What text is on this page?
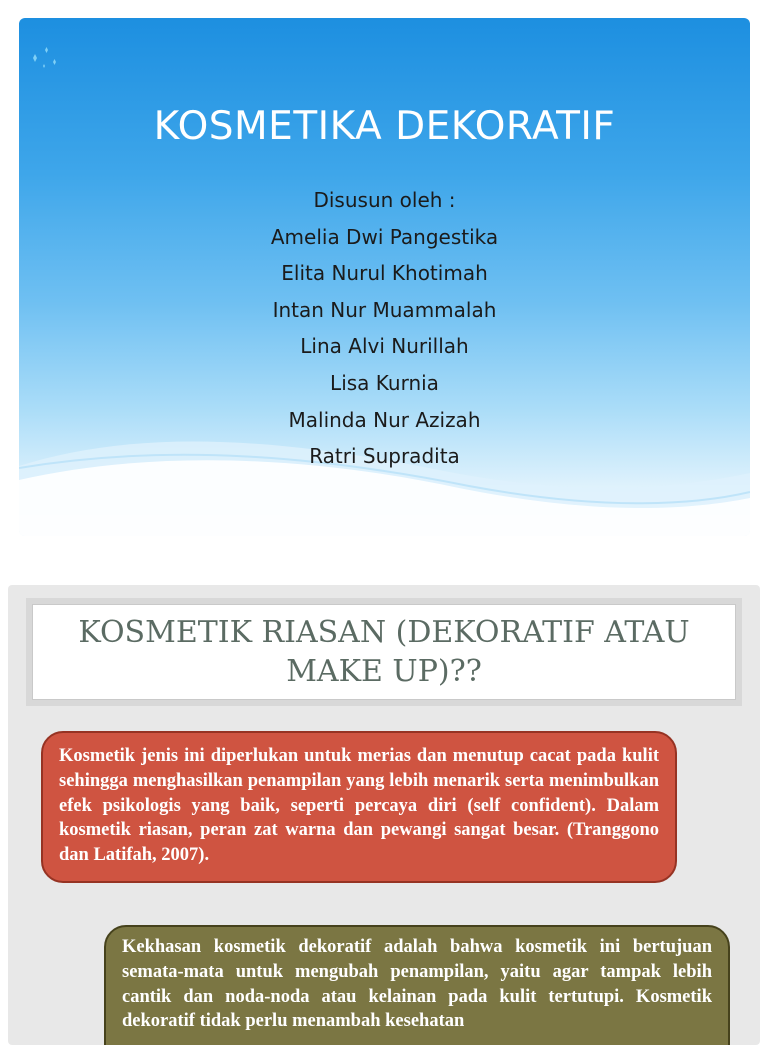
KOSMETIKA DEKORATIF
Disusun oleh :
Amelia Dwi Pangestika
Elita Nurul Khotimah
Intan Nur Muammalah
Lina Alvi Nurillah
Lisa Kurnia
Malinda Nur Azizah
Ratri Supradita
KOSMETIK RIASAN (DEKORATIF ATAU MAKE UP)??

Kosmetik jenis ini diperlukan untuk merias dan menutup cacat pada kulit sehingga menghasilkan penampilan yang lebih menarik serta menimbulkan efek psikologis yang baik, seperti percaya diri (self confident). Dalam kosmetik riasan, peran zat warna dan pewangi sangat besar. (Tranggono dan Latifah, 2007).

Kekhasan kosmetik dekoratif adalah bahwa kosmetik ini bertujuan semata-mata untuk mengubah penampilan, yaitu agar tampak lebih cantik dan noda-noda atau kelainan pada kulit tertutupi. Kosmetik dekoratif tidak perlu menambah kesehatan
